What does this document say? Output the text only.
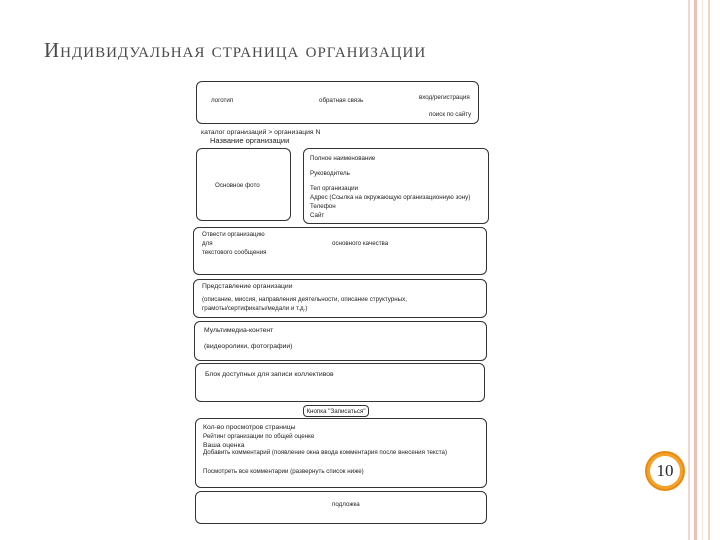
Индивидуальная страница организации
логотип	обратная связь	вход/регистрация
поиск по сайту
каталог организаций > организация N
Название организации
Основное фото
Полное наименование
Руководитель
Тел организации
Адрес (Ссылка на окружающую организационную зону)
Телефон
Сайт
Отвести организацию
для
текстового сообщения
основного качества
Представление организации
(описание, миссия, направления деятельности, описание структурных,
грамоты/сертификаты/медали и т.д.)
Мультимедиа-контент
(видеоролики, фотографии)
Блок доступных для записи коллективов
Кнопка "Записаться"
Кол-во просмотров страницы
Рейтинг организации по общей оценке
Ваша оценка
Добавить комментарий (появление окна ввода комментария после внесения текста)
Посмотреть все комментарии (развернуть список ниже)
подложка
10
